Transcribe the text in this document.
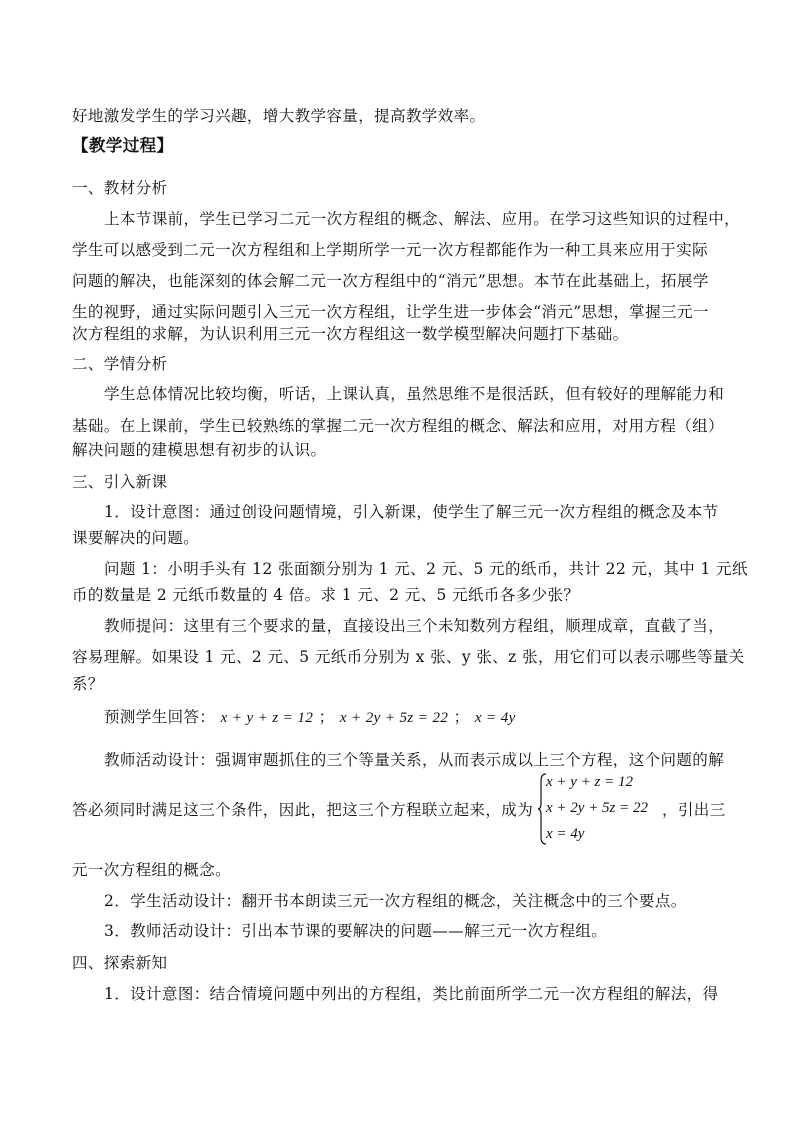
好地激发学生的学习兴趣，增大教学容量，提高教学效率。
【教学过程】
一、教材分析
上本节课前，学生已学习二元一次方程组的概念、解法、应用。在学习这些知识的过程中，
学生可以感受到二元一次方程组和上学期所学一元一次方程都能作为一种工具来应用于实际
问题的解决，也能深刻的体会解二元一次方程组中的“消元”思想。本节在此基础上，拓展学
生的视野，通过实际问题引入三元一次方程组，让学生进一步体会“消元”思想，掌握三元一
次方程组的求解，为认识利用三元一次方程组这一数学模型解决问题打下基础。
二、学情分析
学生总体情况比较均衡，听话，上课认真，虽然思维不是很活跃，但有较好的理解能力和
基础。在上课前，学生已较熟练的掌握二元一次方程组的概念、解法和应用，对用方程（组）
解决问题的建模思想有初步的认识。
三、引入新课
1．设计意图：通过创设问题情境，引入新课，使学生了解三元一次方程组的概念及本节
课要解决的问题。
问题 1：小明手头有 12 张面额分别为 1 元、2 元、5 元的纸币，共计 22 元，其中 1 元纸
币的数量是 2 元纸币数量的 4 倍。求 1 元、2 元、5 元纸币各多少张？
教师提问：这里有三个要求的量，直接设出三个未知数列方程组，顺理成章，直截了当，
容易理解。如果设 1 元、2 元、5 元纸币分别为 x 张、y 张、z 张，用它们可以表示哪些等量关
系？
预测学生回答： x + y + z = 12 ； x + 2y + 5z = 22 ； x = 4y
教师活动设计：强调审题抓住的三个等量关系，从而表示成以上三个方程，这个问题的解
答必须同时满足这三个条件，因此，把这三个方程联立起来，成为
x + y + z = 12
x + 2y + 5z = 22
x = 4y
，引出三
元一次方程组的概念。
2．学生活动设计：翻开书本朗读三元一次方程组的概念，关注概念中的三个要点。
3．教师活动设计：引出本节课的要解决的问题——解三元一次方程组。
四、探索新知
1．设计意图：结合情境问题中列出的方程组，类比前面所学二元一次方程组的解法，得
